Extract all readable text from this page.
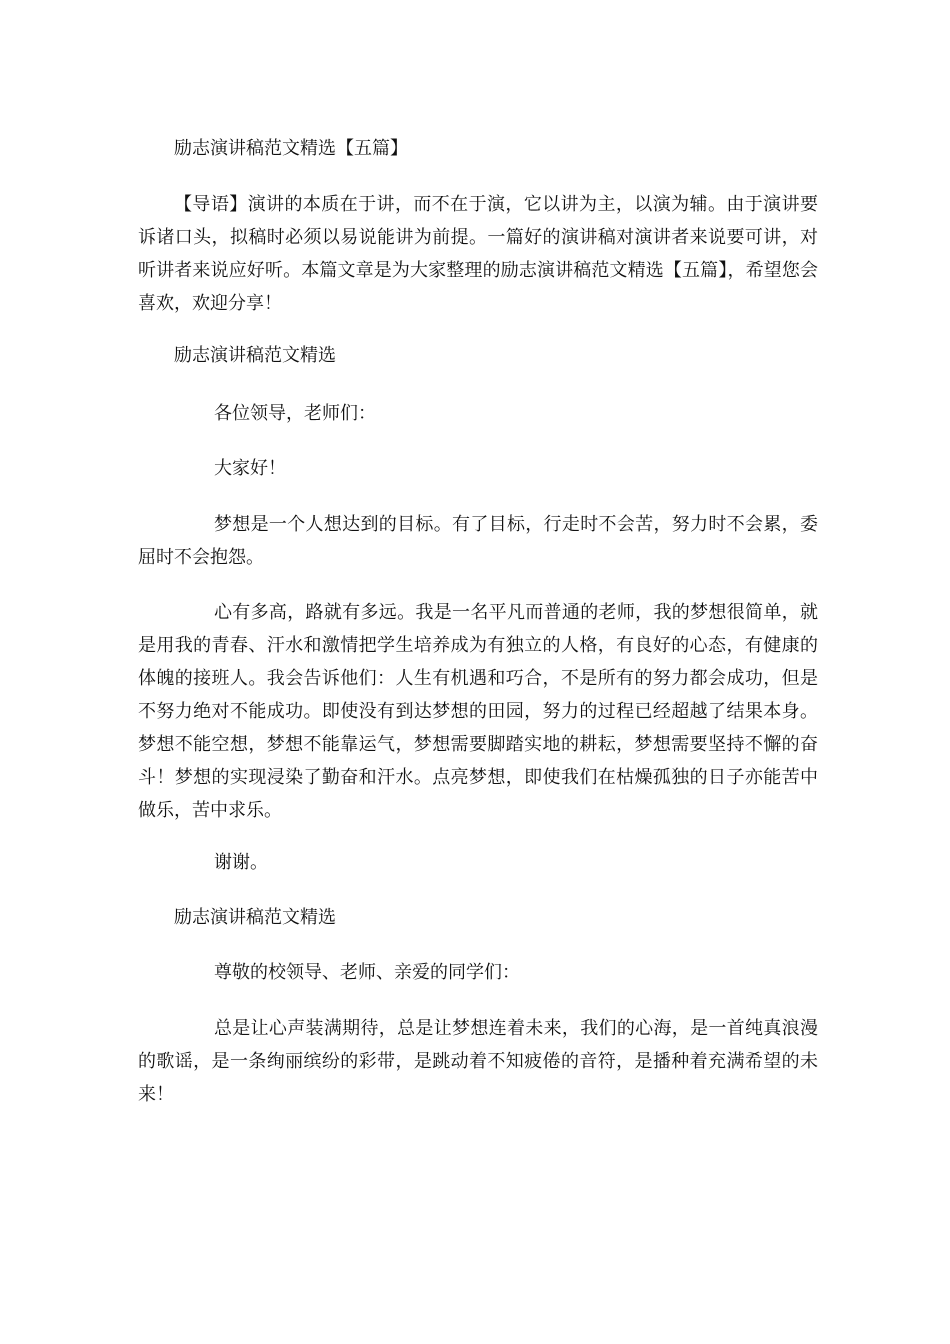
励志演讲稿范文精选【五篇】
【导语】演讲的本质在于讲，而不在于演，它以讲为主，以演为辅。由于演讲要诉诸口头，拟稿时必须以易说能讲为前提。一篇好的演讲稿对演讲者来说要可讲，对听讲者来说应好听。本篇文章是为大家整理的励志演讲稿范文精选【五篇】，希望您会喜欢，欢迎分享！
励志演讲稿范文精选
各位领导，老师们：
大家好！
梦想是一个人想达到的目标。有了目标，行走时不会苦，努力时不会累，委屈时不会抱怨。
心有多高，路就有多远。我是一名平凡而普通的老师，我的梦想很简单，就是用我的青春、汗水和激情把学生培养成为有独立的人格，有良好的心态，有健康的体魄的接班人。我会告诉他们：人生有机遇和巧合，不是所有的努力都会成功，但是不努力绝对不能成功。即使没有到达梦想的田园，努力的过程已经超越了结果本身。梦想不能空想，梦想不能靠运气，梦想需要脚踏实地的耕耘，梦想需要坚持不懈的奋斗！梦想的实现浸染了勤奋和汗水。点亮梦想，即使我们在枯燥孤独的日子亦能苦中做乐，苦中求乐。
谢谢。
励志演讲稿范文精选
尊敬的校领导、老师、亲爱的同学们：
总是让心声装满期待，总是让梦想连着未来，我们的心海，是一首纯真浪漫的歌谣，是一条绚丽缤纷的彩带，是跳动着不知疲倦的音符，是播种着充满希望的未来！
